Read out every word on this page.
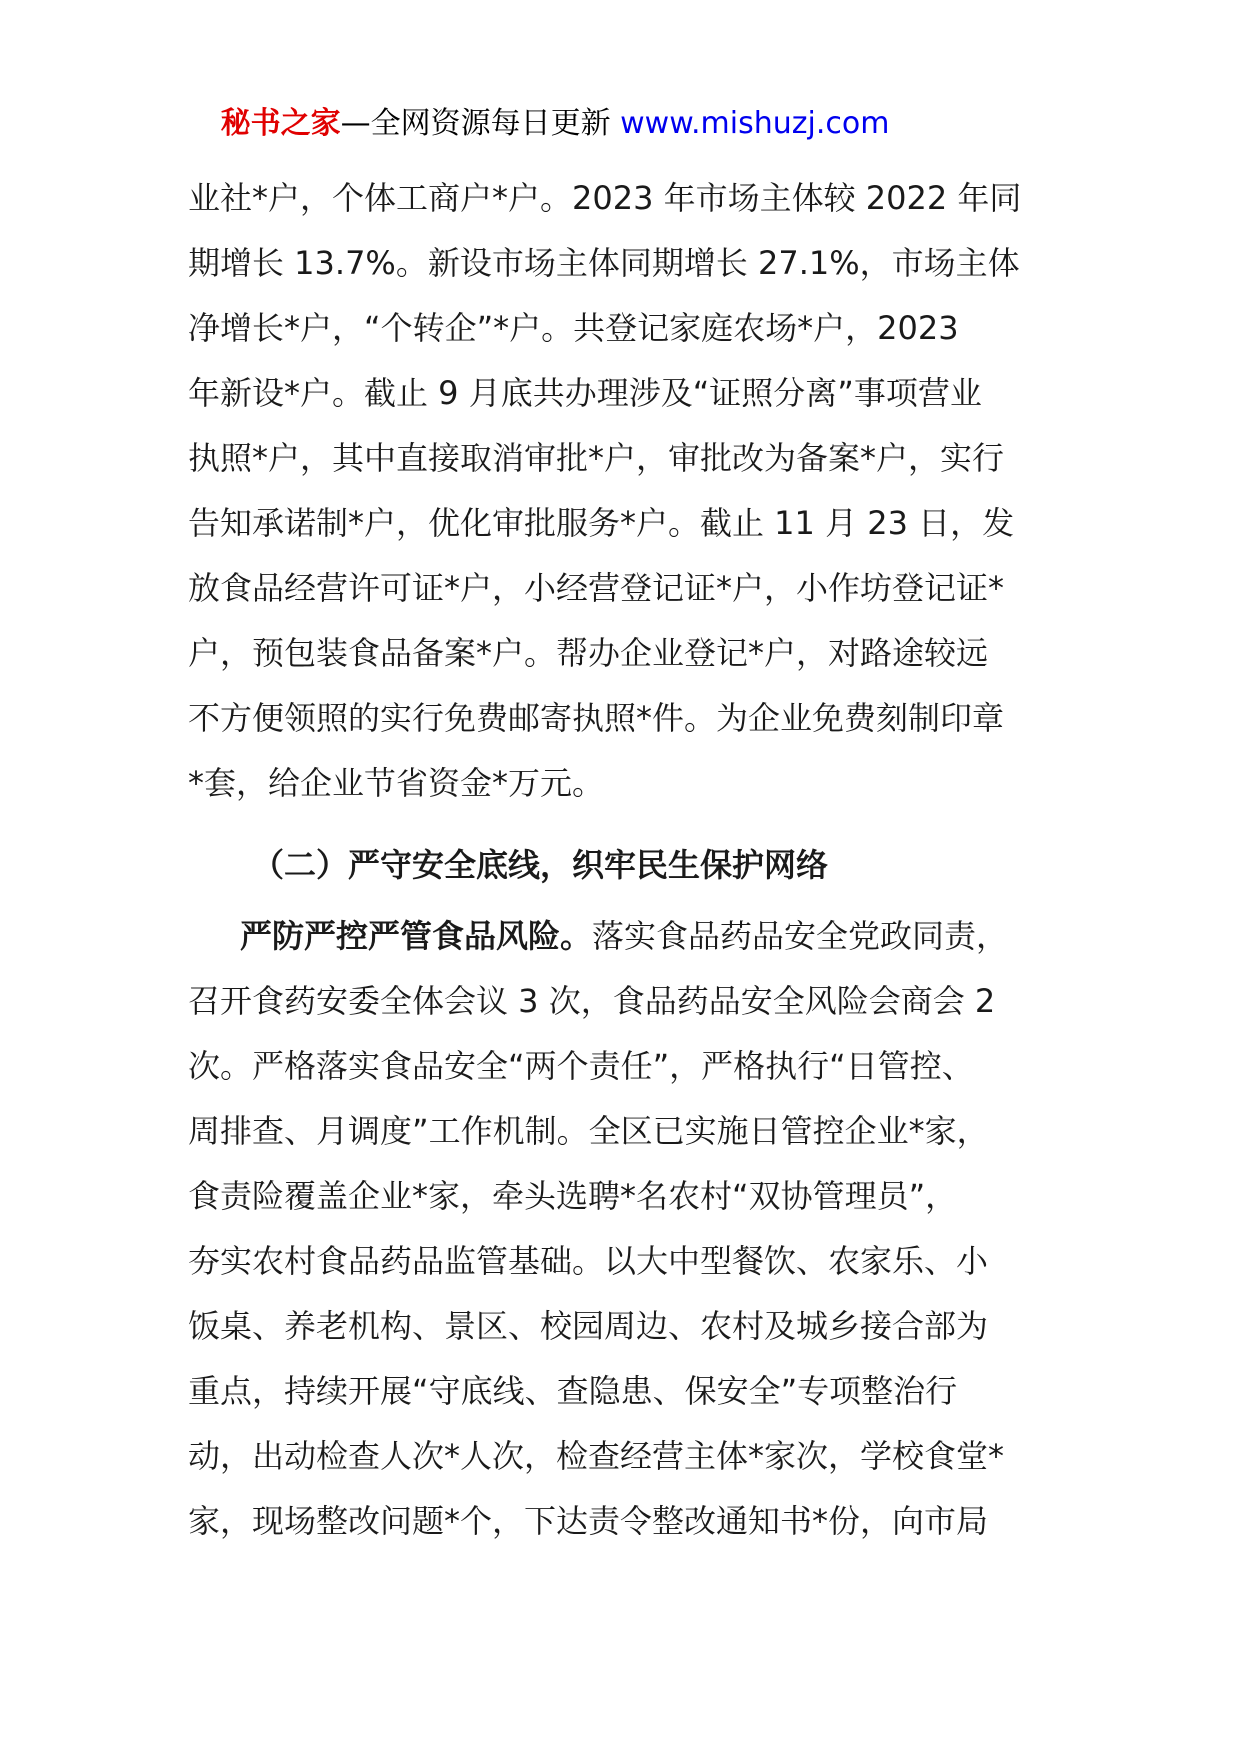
秘书之家—全网资源每日更新 www.mishuzj.com

业社*户，个体工商户*户。2023 年市场主体较 2022 年同

期增长 13.7%。新设市场主体同期增长 27.1%，市场主体

净增长*户，“个转企”*户。共登记家庭农场*户，2023

年新设*户。截止 9 月底共办理涉及“证照分离”事项营业

执照*户，其中直接取消审批*户，审批改为备案*户，实行

告知承诺制*户，优化审批服务*户。截止 11 月 23 日，发

放食品经营许可证*户，小经营登记证*户，小作坊登记证*

户，预包装食品备案*户。帮办企业登记*户，对路途较远

不方便领照的实行免费邮寄执照*件。为企业免费刻制印章

*套，给企业节省资金*万元。

（二）严守安全底线，织牢民生保护网络

严防严控严管食品风险。落实食品药品安全党政同责，

召开食药安委全体会议 3 次，食品药品安全风险会商会 2

次。严格落实食品安全“两个责任”，严格执行“日管控、

周排查、月调度”工作机制。全区已实施日管控企业*家，

食责险覆盖企业*家，牵头选聘*名农村“双协管理员”，

夯实农村食品药品监管基础。以大中型餐饮、农家乐、小

饭桌、养老机构、景区、校园周边、农村及城乡接合部为

重点，持续开展“守底线、查隐患、保安全”专项整治行

动，出动检查人次*人次，检查经营主体*家次，学校食堂*

家，现场整改问题*个，下达责令整改通知书*份，向市局
